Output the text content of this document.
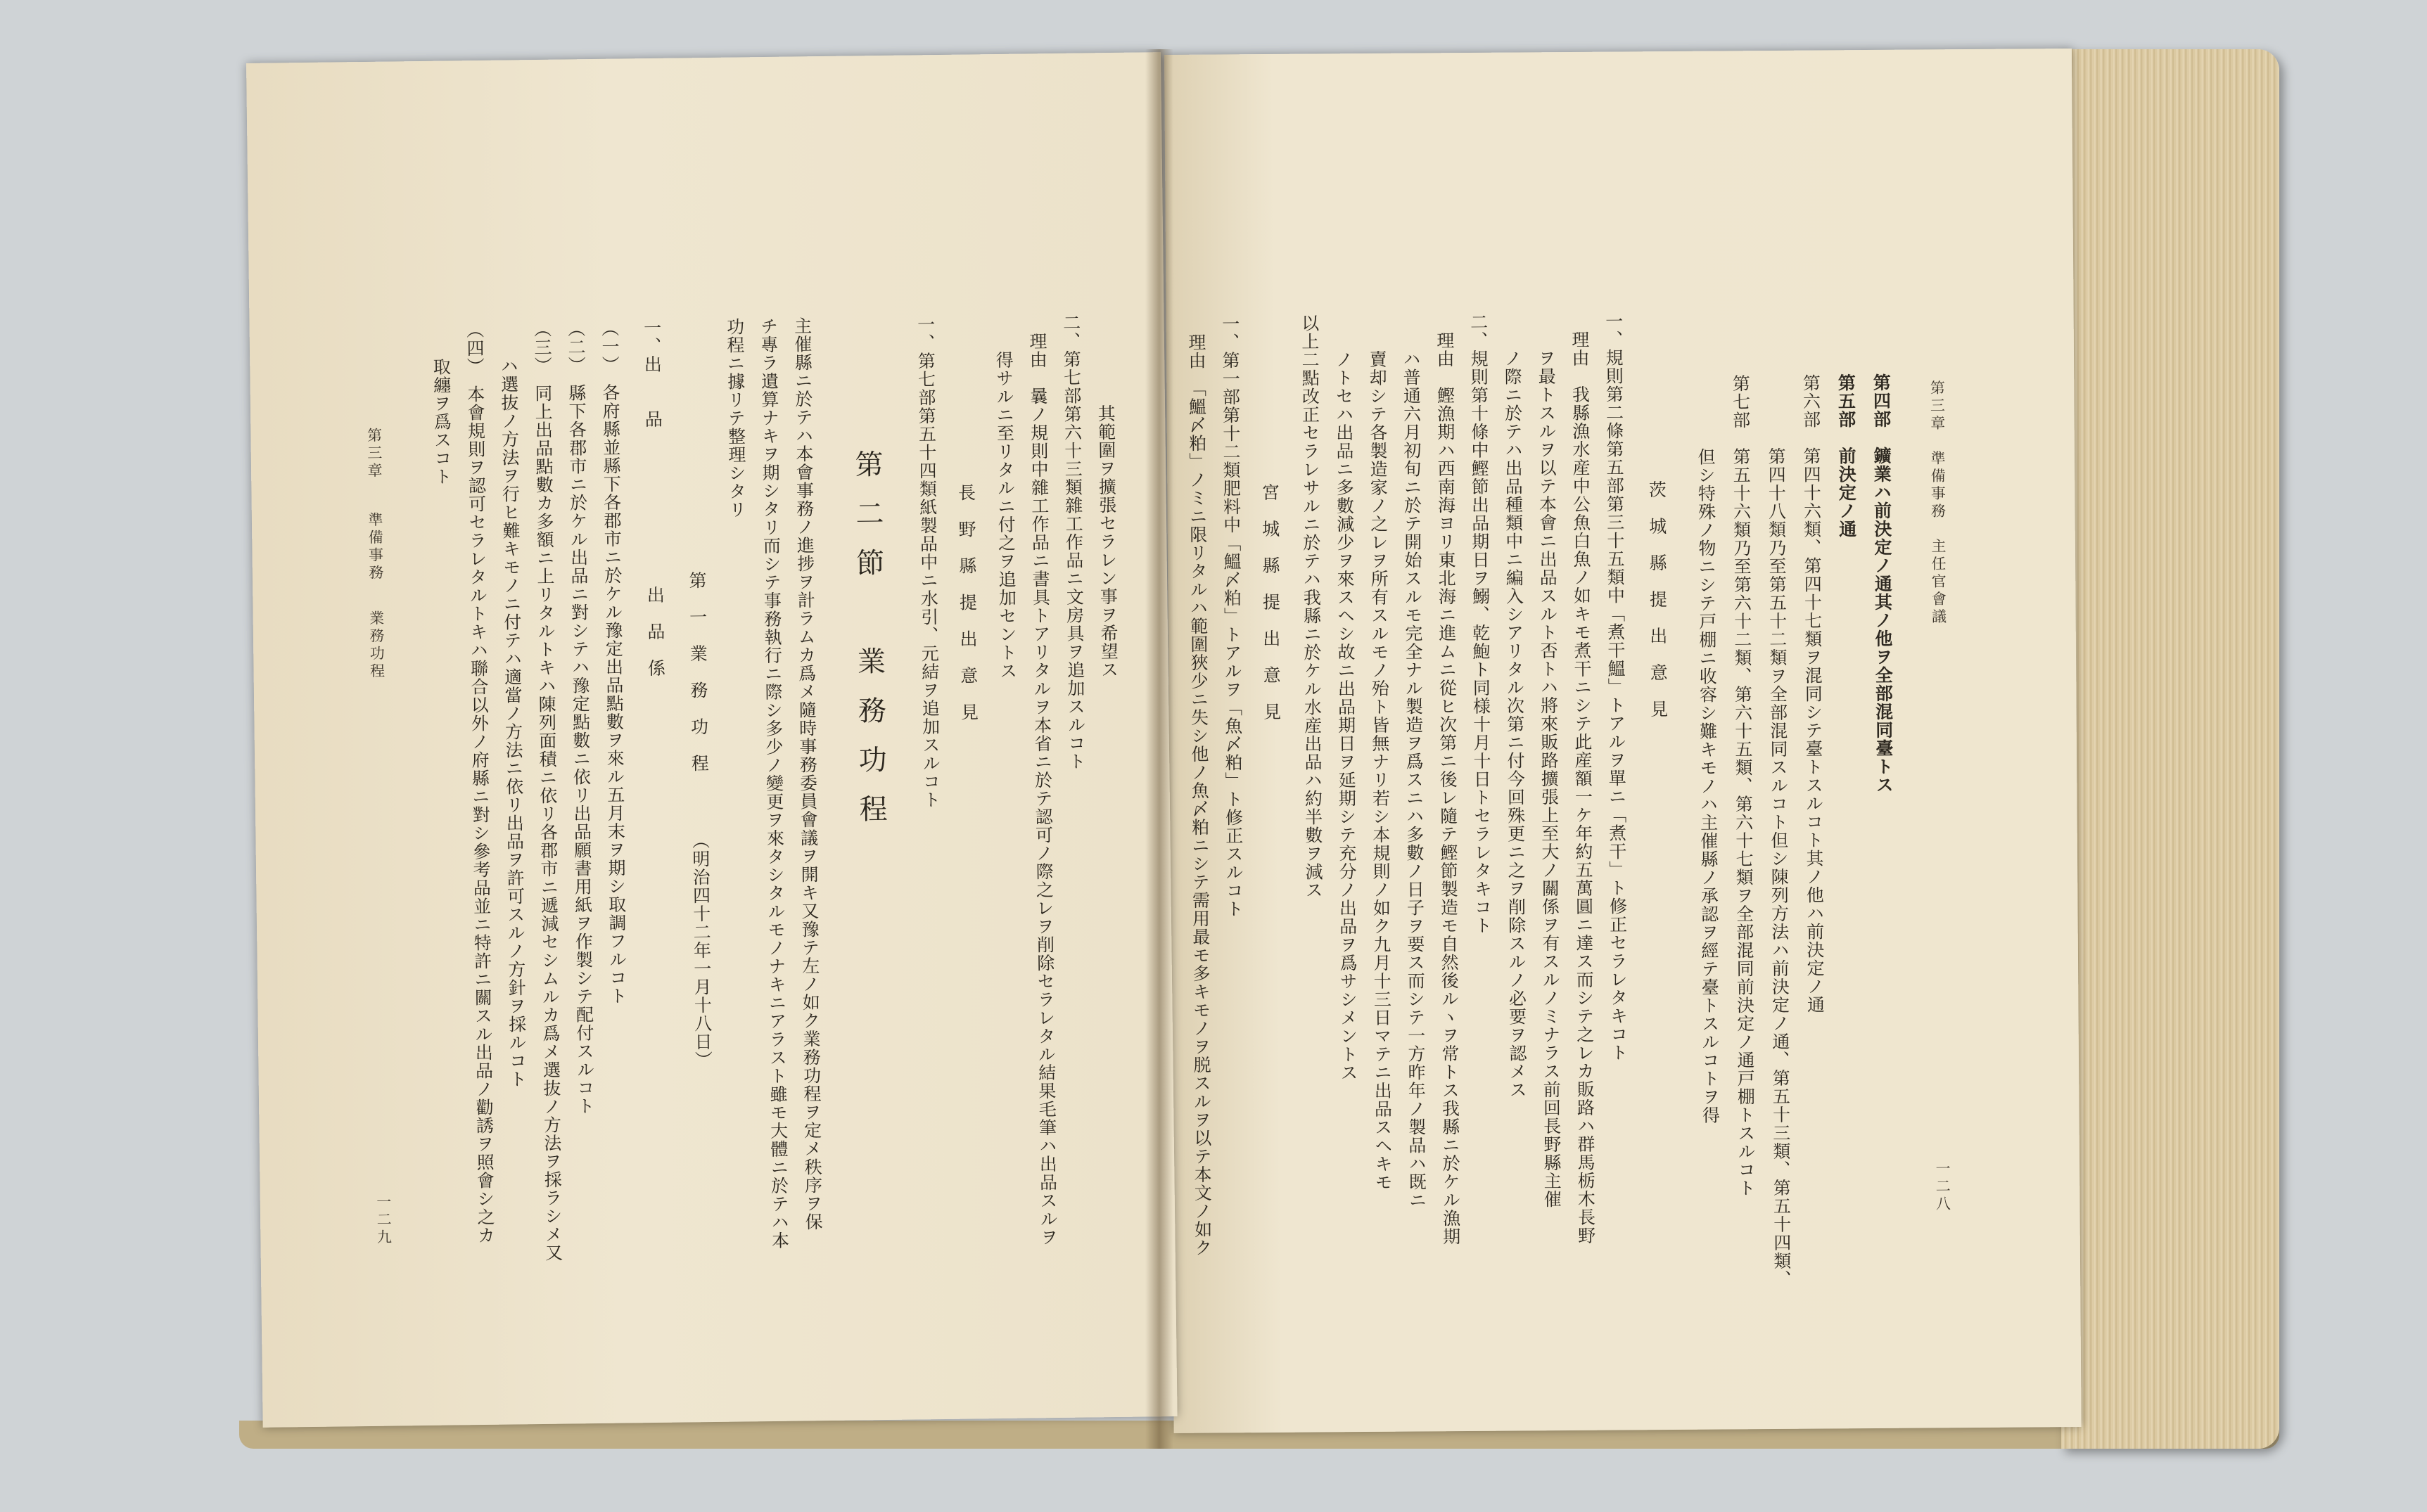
第三章　準備事務　主任官會議
一二八
第四部　鑛業ハ前決定ノ通其ノ他ヲ全部混同臺トス
第五部　前決定ノ通
第六部　第四十六類、第四十七類ヲ混同シテ臺トスルコト其ノ他ハ前決定ノ通
　　　　第四十八類乃至第五十二類ヲ全部混同スルコト但シ陳列方法ハ前決定ノ通、第五十三類、第五十四類、
第七部　第五十六類乃至第六十二類、第六十五類、第六十七類ヲ全部混同前決定ノ通戸棚トスルコト
　　　　但シ特殊ノ物ニシテ戸棚ニ收容シ難キモノハ主催縣ノ承認ヲ經テ臺トスルコトヲ得
茨　城　縣　提　出　意　見
一、規則第二條第五部第三十五類中「煮干鰮」トアルヲ單ニ「煮干」ト修正セラレタキコト
　理由　我縣漁水産中公魚白魚ノ如キモ煮干ニシテ此産額一ケ年約五萬圓ニ達ス而シテ之レカ販路ハ群馬栃木長野
　　ヲ最トスルヲ以テ本會ニ出品スルト否トハ將來販路擴張上至大ノ關係ヲ有スルノミナラス前回長野縣主催
　　ノ際ニ於テハ出品種類中ニ編入シアリタル次第ニ付今回殊更ニ之ヲ削除スルノ必要ヲ認メス
二、規則第十條中鰹節出品期日ヲ鰯、乾鮑ト同様十月十日トセラレタキコト
　理由　鰹漁期ハ西南海ヨリ東北海ニ進ムニ從ヒ次第ニ後レ隨テ鰹節製造モ自然後ルヽヲ常トス我縣ニ於ケル漁期
　　ハ普通六月初旬ニ於テ開始スルモ完全ナル製造ヲ爲スニハ多數ノ日子ヲ要ス而シテ一方昨年ノ製品ハ既ニ
　　賣却シテ各製造家ノ之レヲ所有スルモノ殆ト皆無ナリ若シ本規則ノ如ク九月十三日マテニ出品スヘキモ
　　ノトセハ出品ニ多數減少ヲ來スヘシ故ニ出品期日ヲ延期シテ充分ノ出品ヲ爲サシメントス
以上二點改正セラレサルニ於テハ我縣ニ於ケル水産出品ハ約半數ヲ減ス
宮　城　縣　提　出　意　見
一、第一部第十二類肥料中「鰮〆粕」トアルヲ「魚〆粕」ト修正スルコト
　理由　「鰮〆粕」ノミニ限リタルハ範圍狹少ニ失シ他ノ魚〆粕ニシテ需用最モ多キモノヲ脱スルヲ以テ本文ノ如ク
其範圍ヲ擴張セラレン事ヲ希望ス
二、第七部第六十三類雜工作品ニ文房具ヲ追加スルコト
　理由　曩ノ規則中雜工作品ニ書具トアリタルヲ本省ニ於テ認可ノ際之レヲ削除セラレタル結果毛筆ハ出品スルヲ
　　得サルニ至リタルニ付之ヲ追加セントス
長　野　縣　提　出　意　見
一、第七部第五十四類紙製品中ニ水引、元結ヲ追加スルコト
第二節　業務功程
主催縣ニ於テハ本會事務ノ進捗ヲ計ラムカ爲メ隨時事務委員會議ヲ開キ又豫テ左ノ如ク業務功程ヲ定メ秩序ヲ保
チ專ラ遺算ナキヲ期シタリ而シテ事務執行ニ際シ多少ノ變更ヲ來タシタルモノナキニアラスト雖モ大體ニ於テハ本
功程ニ據リテ整理シタリ
第　一　業　務　功　程
（明治四十二年一月十八日）
一、出　　品
出　品　係
（一）　各府縣並縣下各郡市ニ於ケル豫定出品點數ヲ來ル五月末ヲ期シ取調フルコト
（二）　縣下各郡市ニ於ケル出品ニ對シテハ豫定點數ニ依リ出品願書用紙ヲ作製シテ配付スルコト
（三）　同上出品點數カ多額ニ上リタルトキハ陳列面積ニ依リ各郡市ニ遞減セシムルカ爲メ選抜ノ方法ヲ採ラシメ又
　　ハ選抜ノ方法ヲ行ヒ難キモノニ付テハ適當ノ方法ニ依リ出品ヲ許可スルノ方針ヲ採ルコト
（四）　本會規則ヲ認可セラレタルトキハ聯合以外ノ府縣ニ對シ參考品並ニ特許ニ關スル出品ノ勸誘ヲ照會シ之カ
　　取纏ヲ爲スコト
第三章
準備事務
業務功程
一二九
